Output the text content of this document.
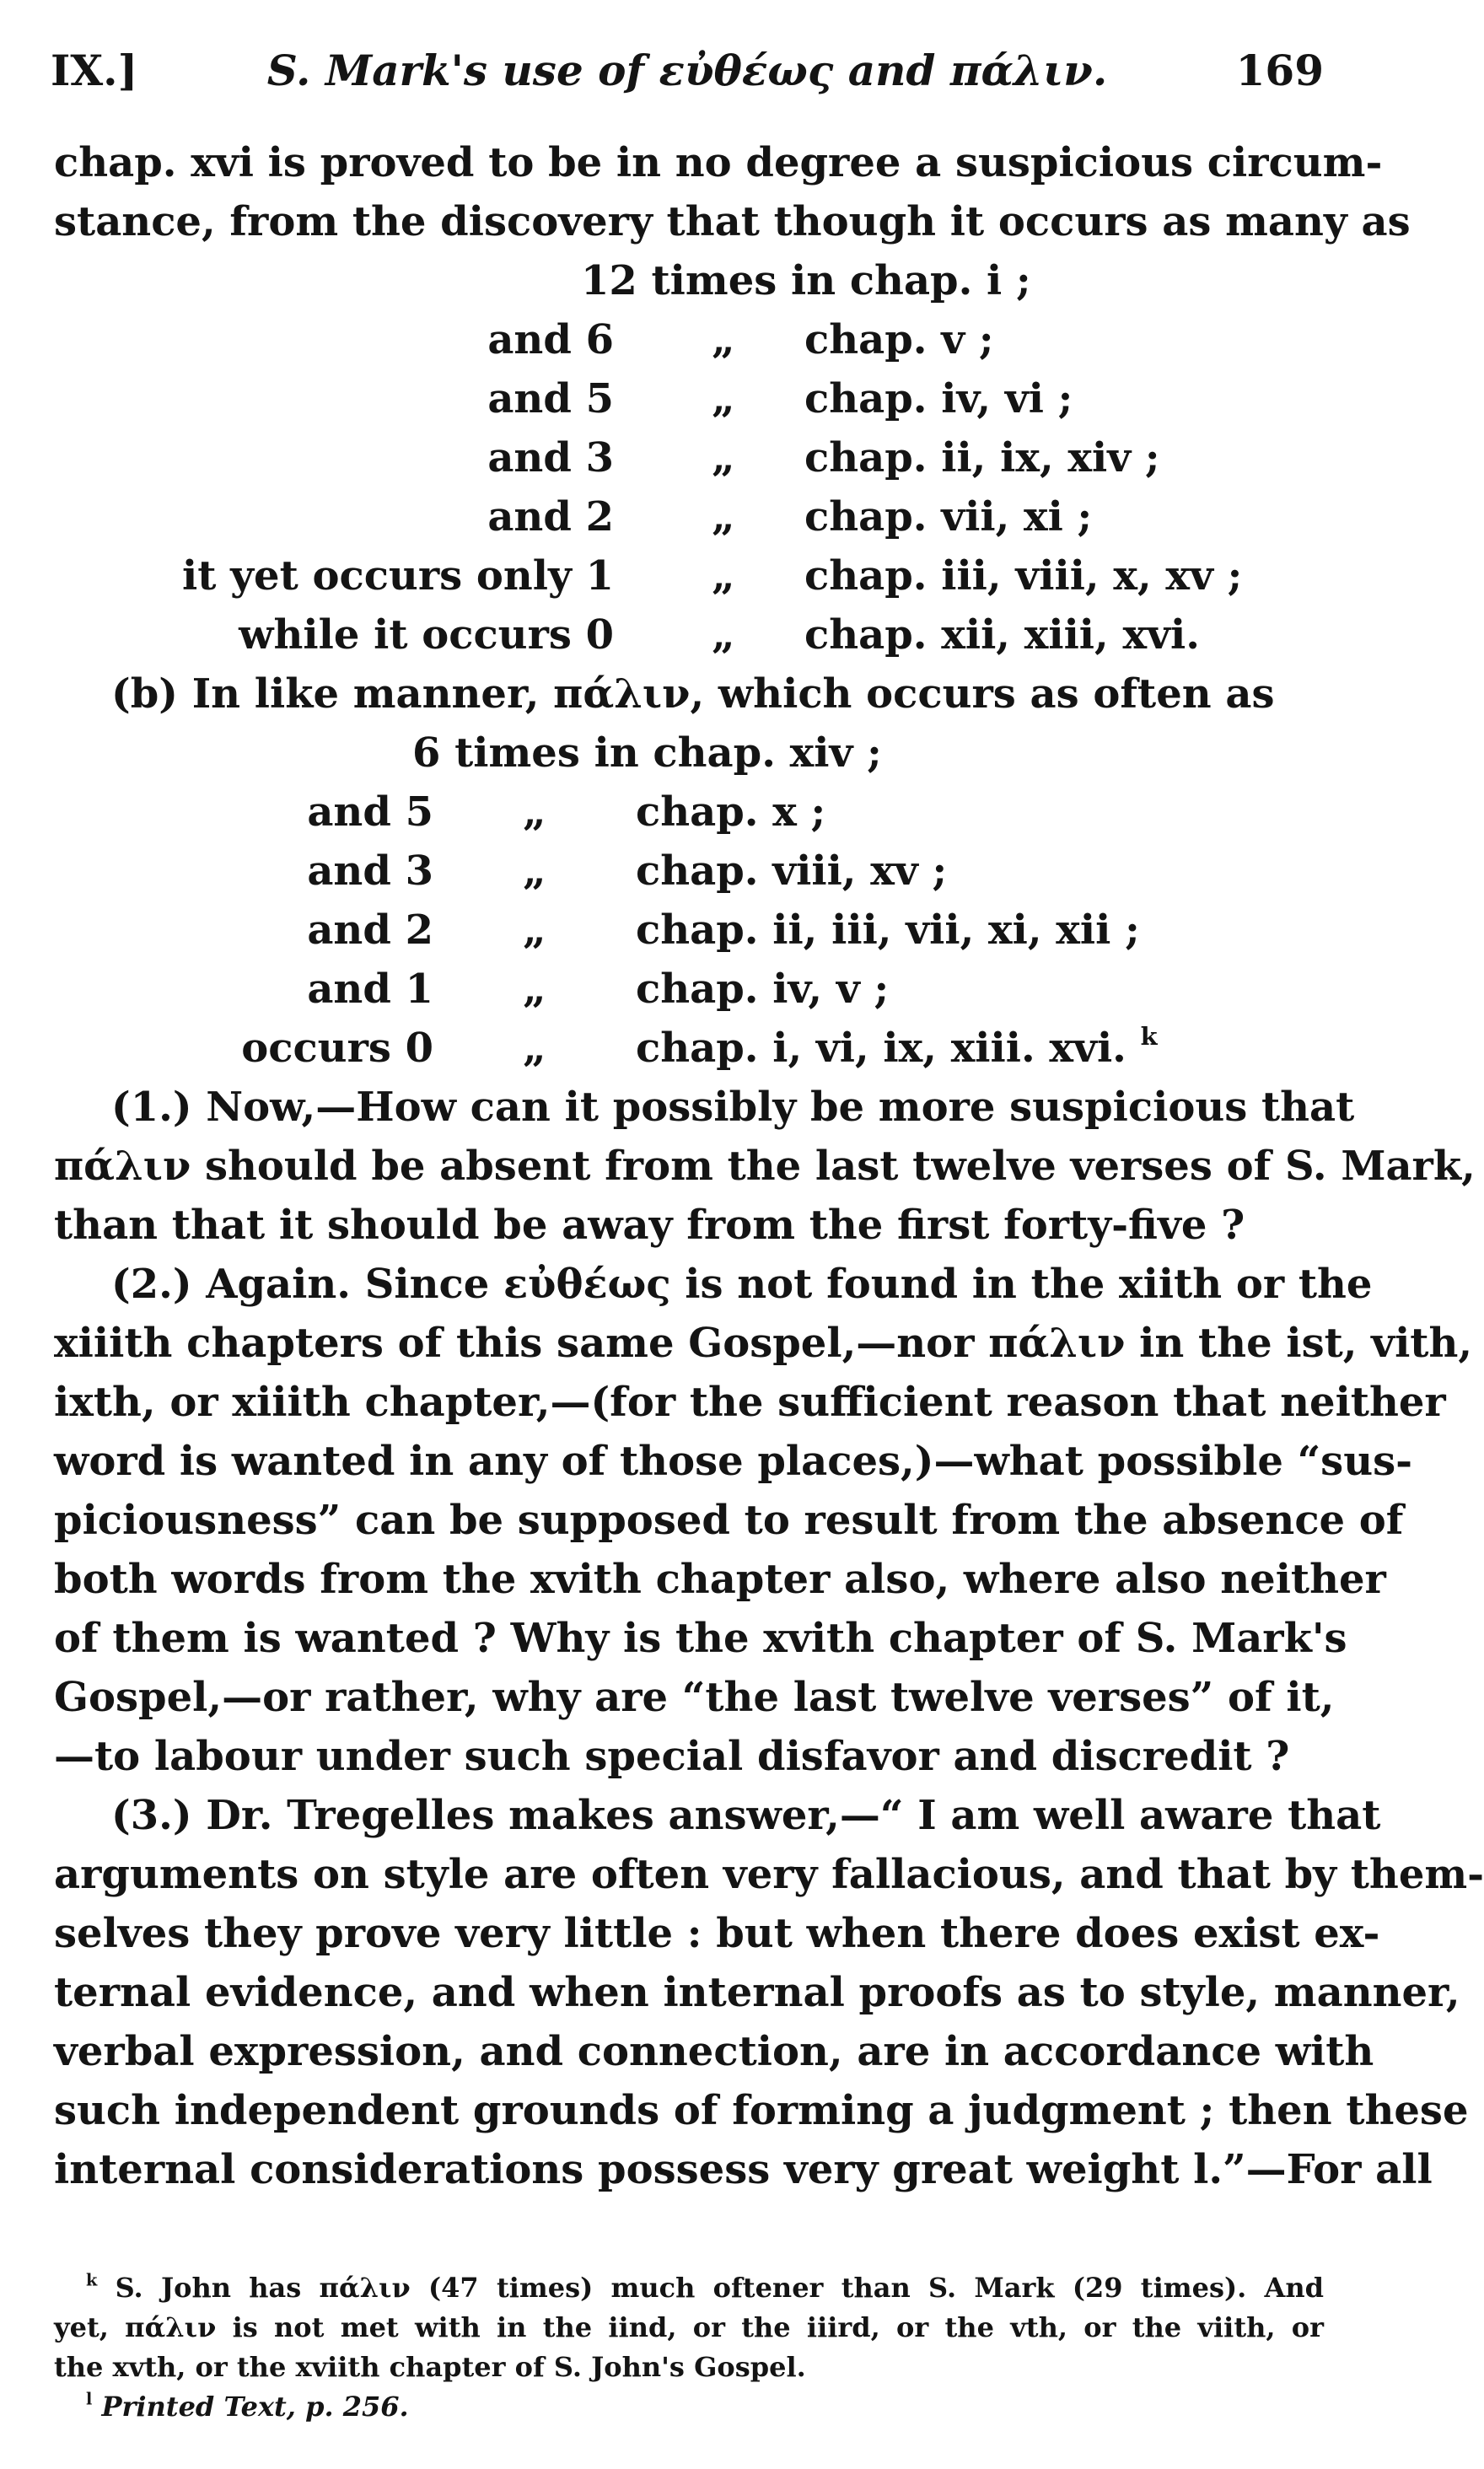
IX.]	S. Mark's use of εὐθέως and πάλιν.	169
chap. xvi is proved to be in no degree a suspicious circum-
stance, from the discovery that though it occurs as many as
12 times in chap. i ;
and 6 „ chap. v ;
and 5 „ chap. iv, vi ;
and 3 „ chap. ii, ix, xiv ;
and 2 „ chap. vii, xi ;
it yet occurs only 1 „ chap. iii, viii, x, xv ;
while it occurs 0 „ chap. xii, xiii, xvi.
(b) In like manner, πάλιν, which occurs as often as
6 times in chap. xiv ;
and 5 „ chap. x ;
and 3 „ chap. viii, xv ;
and 2 „ chap. ii, iii, vii, xi, xii ;
and 1 „ chap. iv, v ;
occurs 0 „ chap. i, vi, ix, xiii. xvi. $^k$
(1.) Now,—How can it possibly be more suspicious that
πάλιν should be absent from the last twelve verses of S. Mark,
than that it should be away from the first forty-five ?
(2.) Again. Since εὐθέως is not found in the xiith or the
xiiith chapters of this same Gospel,—nor πάλιν in the ist, vith,
ixth, or xiiith chapter,—(for the sufficient reason that neither
word is wanted in any of those places,)—what possible “sus-
piciousness” can be supposed to result from the absence of
both words from the xvith chapter also, where also neither
of them is wanted ? Why is the xvith chapter of S. Mark's
Gospel,—or rather, why are “the last twelve verses” of it,
—to labour under such special disfavor and discredit ?
(3.) Dr. Tregelles makes answer,—“ I am well aware that
arguments on style are often very fallacious, and that by them-
selves they prove very little : but when there does exist ex-
ternal evidence, and when internal proofs as to style, manner,
verbal expression, and connection, are in accordance with
such independent grounds of forming a judgment ; then these
internal considerations possess very great weight l.”—For all
$^k$ S. John has πάλιν (47 times) much oftener than S. Mark (29 times). And
yet, πάλιν is not met with in the iind, or the iiird, or the vth, or the viith, or
the xvth, or the xviith chapter of S. John's Gospel.
$^l$ Printed Text, p. 256.
